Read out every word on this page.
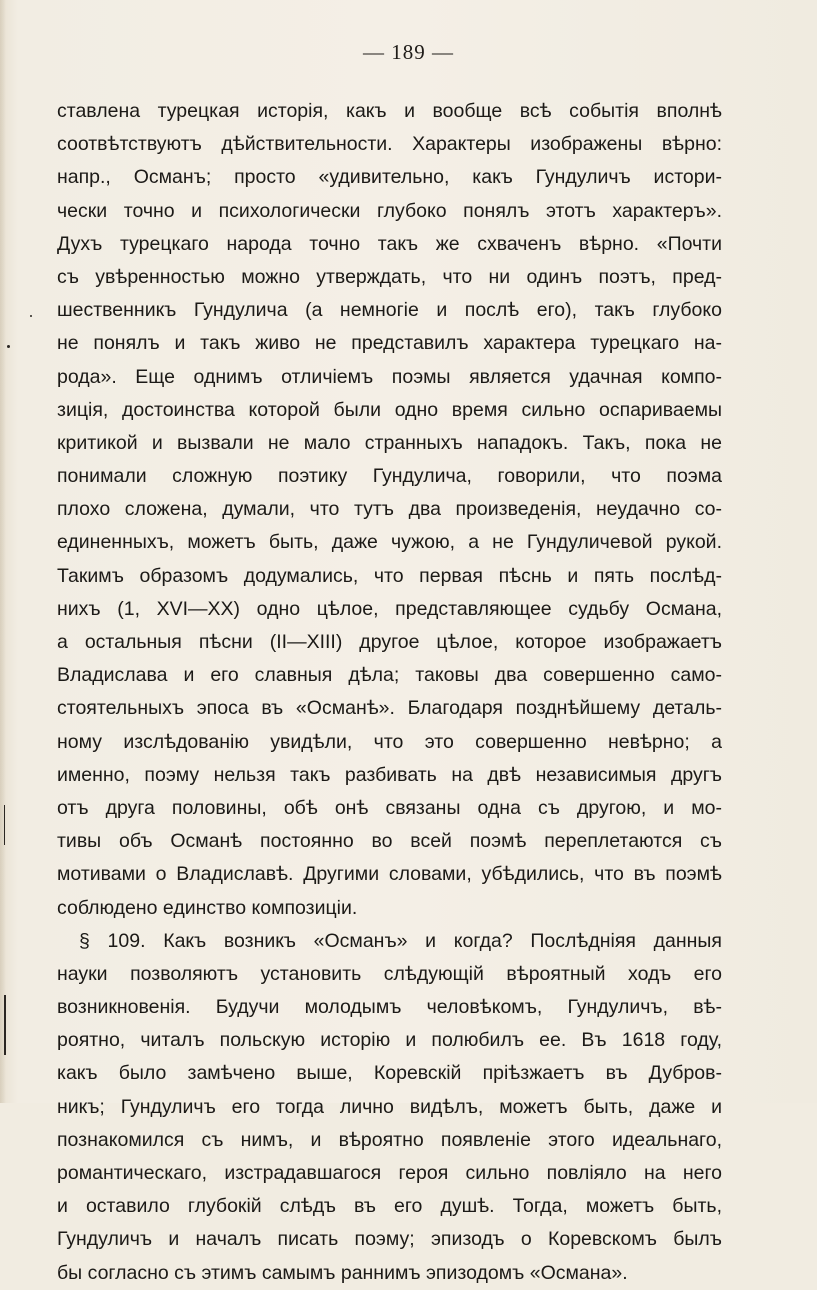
— 189 —
ставлена турецкая исторія, какъ и вообще всѣ событія вполнѣ
соотвѣтствуютъ дѣйствительности. Характеры изображены вѣрно:
напр., Османъ; просто «удивительно, какъ Гундуличъ истори-
чески точно и психологически глубоко понялъ этотъ характеръ».
Духъ турецкаго народа точно такъ же схваченъ вѣрно. «Почти
съ увѣренностью можно утверждать, что ни одинъ поэтъ, пред-
шественникъ Гундулича (а немногіе и послѣ его), такъ глубоко
не понялъ и такъ живо не представилъ характера турецкаго на-
рода». Еще однимъ отличіемъ поэмы является удачная компо-
зиція, достоинства которой были одно время сильно оспариваемы
критикой и вызвали не мало странныхъ нападокъ. Такъ, пока не
понимали сложную поэтику Гундулича, говорили, что поэма
плохо сложена, думали, что тутъ два произведенія, неудачно со-
единенныхъ, можетъ быть, даже чужою, а не Гундуличевой рукой.
Такимъ образомъ додумались, что первая пѣснь и пять послѣд-
нихъ (1, XVI—XX) одно цѣлое, представляющее судьбу Османа,
а остальныя пѣсни (II—XIII) другое цѣлое, которое изображаетъ
Владислава и его славныя дѣла; таковы два совершенно само-
стоятельныхъ эпоса въ «Османѣ». Благодаря позднѣйшему деталь-
ному изслѣдованію увидѣли, что это совершенно невѣрно; а
именно, поэму нельзя такъ разбивать на двѣ независимыя другъ
отъ друга половины, обѣ онѣ связаны одна съ другою, и мо-
тивы объ Османѣ постоянно во всей поэмѣ переплетаются съ
мотивами о Владиславѣ. Другими словами, убѣдились, что въ поэмѣ
соблюдено единство композиціи.
§ 109. Какъ возникъ «Османъ» и когда? Послѣдніяя данныя
науки позволяютъ установить слѣдующій вѣроятный ходъ его
возникновенія. Будучи молодымъ человѣкомъ, Гундуличъ, вѣ-
роятно, читалъ польскую исторію и полюбилъ ее. Въ 1618 году,
какъ было замѣчено выше, Коревскій пріѣзжаетъ въ Дубров-
никъ; Гундуличъ его тогда лично видѣлъ, можетъ быть, даже и
познакомился съ нимъ, и вѣроятно появленіе этого идеальнаго,
романтическаго, изстрадавшагося героя сильно повліяло на него
и оставило глубокій слѣдъ въ его душѣ. Тогда, можетъ быть,
Гундуличъ и началъ писать поэму; эпизодъ о Коревскомъ былъ
бы согласно съ этимъ самымъ раннимъ эпизодомъ «Османа».
